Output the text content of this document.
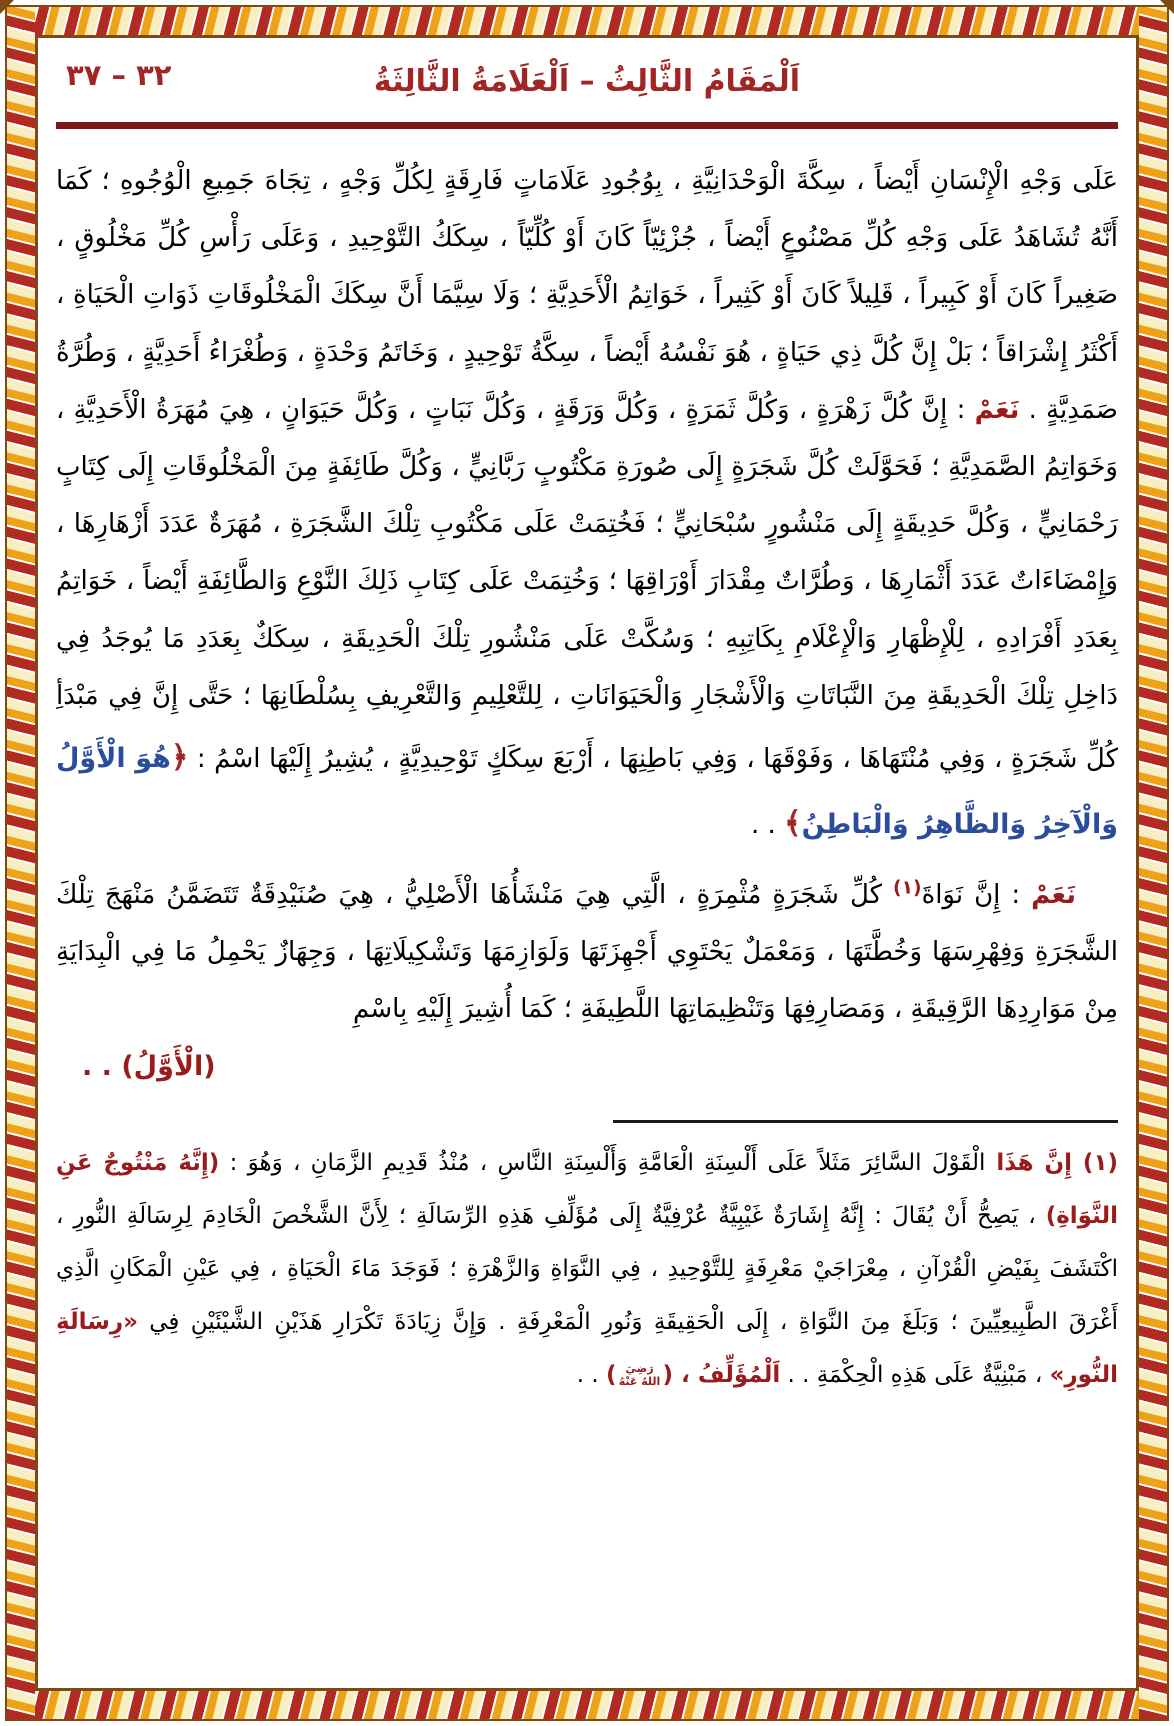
٣٢ – ٣٧	اَلْمَقَامُ الثَّالِثُ – اَلْعَلَامَةُ الثَّالِثَةُ

عَلَى وَجْهِ الْإِنْسَانِ أَيْضاً ، سِكَّةَ الْوَحْدَانِيَّةِ ، بِوُجُودِ عَلَامَاتٍ فَارِقَةٍ لِكُلِّ وَجْهٍ ، تِجَاهَ جَمِيعِ الْوُجُوهِ ؛ كَمَا أَنَّهُ تُشَاهَدُ عَلَى وَجْهِ كُلِّ مَصْنُوعٍ أَيْضاً ، جُزْئِيّاً كَانَ أَوْ كُلِّيّاً ، سِكَكُ التَّوْحِيدِ ، وَعَلَى رَأْسِ كُلِّ مَخْلُوقٍ ، صَغِيراً كَانَ أَوْ كَبِيراً ، قَلِيلاً كَانَ أَوْ كَثِيراً ، خَوَاتِمُ الْأَحَدِيَّةِ ؛ وَلَا سِيَّمَا أَنَّ سِكَكَ الْمَخْلُوقَاتِ ذَوَاتِ الْحَيَاةِ ، أَكْثَرُ إِشْرَاقاً ؛ بَلْ إِنَّ كُلَّ ذِي حَيَاةٍ ، هُوَ نَفْسُهُ أَيْضاً ، سِكَّةُ تَوْحِيدٍ ، وَخَاتَمُ وَحْدَةٍ ، وَطُغْرَاءُ أَحَدِيَّةٍ ، وَطُرَّةُ صَمَدِيَّةٍ . نَعَمْ : إِنَّ كُلَّ زَهْرَةٍ ، وَكُلَّ ثَمَرَةٍ ، وَكُلَّ وَرَقَةٍ ، وَكُلَّ نَبَاتٍ ، وَكُلَّ حَيَوَانٍ ، هِيَ مُهَرَةُ الْأَحَدِيَّةِ ، وَخَوَاتِمُ الصَّمَدِيَّةِ ؛ فَحَوَّلَتْ كُلَّ شَجَرَةٍ إِلَى صُورَةِ مَكْتُوبٍ رَبَّانِيٍّ ، وَكُلَّ طَائِفَةٍ مِنَ الْمَخْلُوقَاتِ إِلَى كِتَابٍ رَحْمَانِيٍّ ، وَكُلَّ حَدِيقَةٍ إِلَى مَنْشُورٍ سُبْحَانِيٍّ ؛ فَخُتِمَتْ عَلَى مَكْتُوبِ تِلْكَ الشَّجَرَةِ ، مُهَرَةٌ عَدَدَ أَزْهَارِهَا ، وَإِمْضَاءَاتٌ عَدَدَ أَثْمَارِهَا ، وَطُرَّاتٌ مِقْدَارَ أَوْرَاقِهَا ؛ وَخُتِمَتْ عَلَى كِتَابِ ذَلِكَ النَّوْعِ وَالطَّائِفَةِ أَيْضاً ، خَوَاتِمُ بِعَدَدِ أَفْرَادِهِ ، لِلْإِظْهَارِ وَالْإِعْلَامِ بِكَاتِبِهِ ؛ وَسُكَّتْ عَلَى مَنْشُورِ تِلْكَ الْحَدِيقَةِ ، سِكَكٌ بِعَدَدِ مَا يُوجَدُ فِي دَاخِلِ تِلْكَ الْحَدِيقَةِ مِنَ النَّبَاتَاتِ وَالْأَشْجَارِ وَالْحَيَوَانَاتِ ، لِلتَّعْلِيمِ وَالتَّعْرِيفِ بِسُلْطَانِهَا ؛ حَتَّى إِنَّ فِي مَبْدَأِ كُلِّ شَجَرَةٍ ، وَفِي مُنْتَهَاهَا ، وَفَوْقَهَا ، وَفِي بَاطِنِهَا ، أَرْبَعَ سِكَكٍ تَوْحِيدِيَّةٍ ، يُشِيرُ إِلَيْهَا اسْمُ : ﴿هُوَ الْأَوَّلُ وَالْآخِرُ وَالظَّاهِرُ وَالْبَاطِنُ﴾ . .

نَعَمْ : إِنَّ نَوَاةَ$^{(١)}$ كُلِّ شَجَرَةٍ مُثْمِرَةٍ ، الَّتِي هِيَ مَنْشَأُهَا الْأَصْلِيُّ ، هِيَ صُنَيْدِقَةٌ تَتَضَمَّنُ مَنْهَجَ تِلْكَ الشَّجَرَةِ وَفِهْرِسَهَا وَخُطَّتَهَا ، وَمَعْمَلٌ يَحْتَوِي أَجْهِزَتَهَا وَلَوَازِمَهَا وَتَشْكِيلَاتِهَا ، وَجِهَازٌ يَحْمِلُ مَا فِي الْبِدَايَةِ مِنْ مَوَارِدِهَا الرَّقِيقَةِ ، وَمَصَارِفِهَا وَتَنْظِيمَاتِهَا اللَّطِيفَةِ ؛ كَمَا أُشِيرَ إِلَيْهِ بِاسْمِ

(الْأَوَّلُ) . .
(١) إِنَّ هَذَا الْقَوْلَ السَّائِرَ مَثَلاً عَلَى أَلْسِنَةِ الْعَامَّةِ وَأَلْسِنَةِ النَّاسِ ، مُنْذُ قَدِيمِ الزَّمَانِ ، وَهُوَ : (إِنَّهُ مَنْتُوجٌ عَنِ النَّوَاةِ) ، يَصِحُّ أَنْ يُقَالَ : إِنَّهُ إِشَارَةٌ غَيْبِيَّةٌ عُرْفِيَّةٌ إِلَى مُؤَلِّفِ هَذِهِ الرِّسَالَةِ ؛ لِأَنَّ الشَّخْصَ الْخَادِمَ لِرِسَالَةِ النُّورِ ، اكْتَشَفَ بِفَيْضِ الْقُرْآنِ ، مِعْرَاجَيْ مَعْرِفَةٍ لِلتَّوْحِيدِ ، فِي النَّوَاةِ وَالزَّهْرَةِ ؛ فَوَجَدَ مَاءَ الْحَيَاةِ ، فِي عَيْنِ الْمَكَانِ الَّذِي أَغْرَقَ الطَّبِيعِيِّينَ ؛ وَبَلَغَ مِنَ النَّوَاةِ ، إِلَى الْحَقِيقَةِ وَنُورِ الْمَعْرِفَةِ . وَإِنَّ زِيَادَةَ تَكْرَارِ هَذَيْنِ الشَّيْئَيْنِ فِي «رِسَالَةِ النُّورِ» ، مَبْنِيَّةٌ عَلَى هَذِهِ الْحِكْمَةِ . . اَلْمُؤَلِّفُ ، (رَضِيَ اللهُ عَنْهُ) . .
